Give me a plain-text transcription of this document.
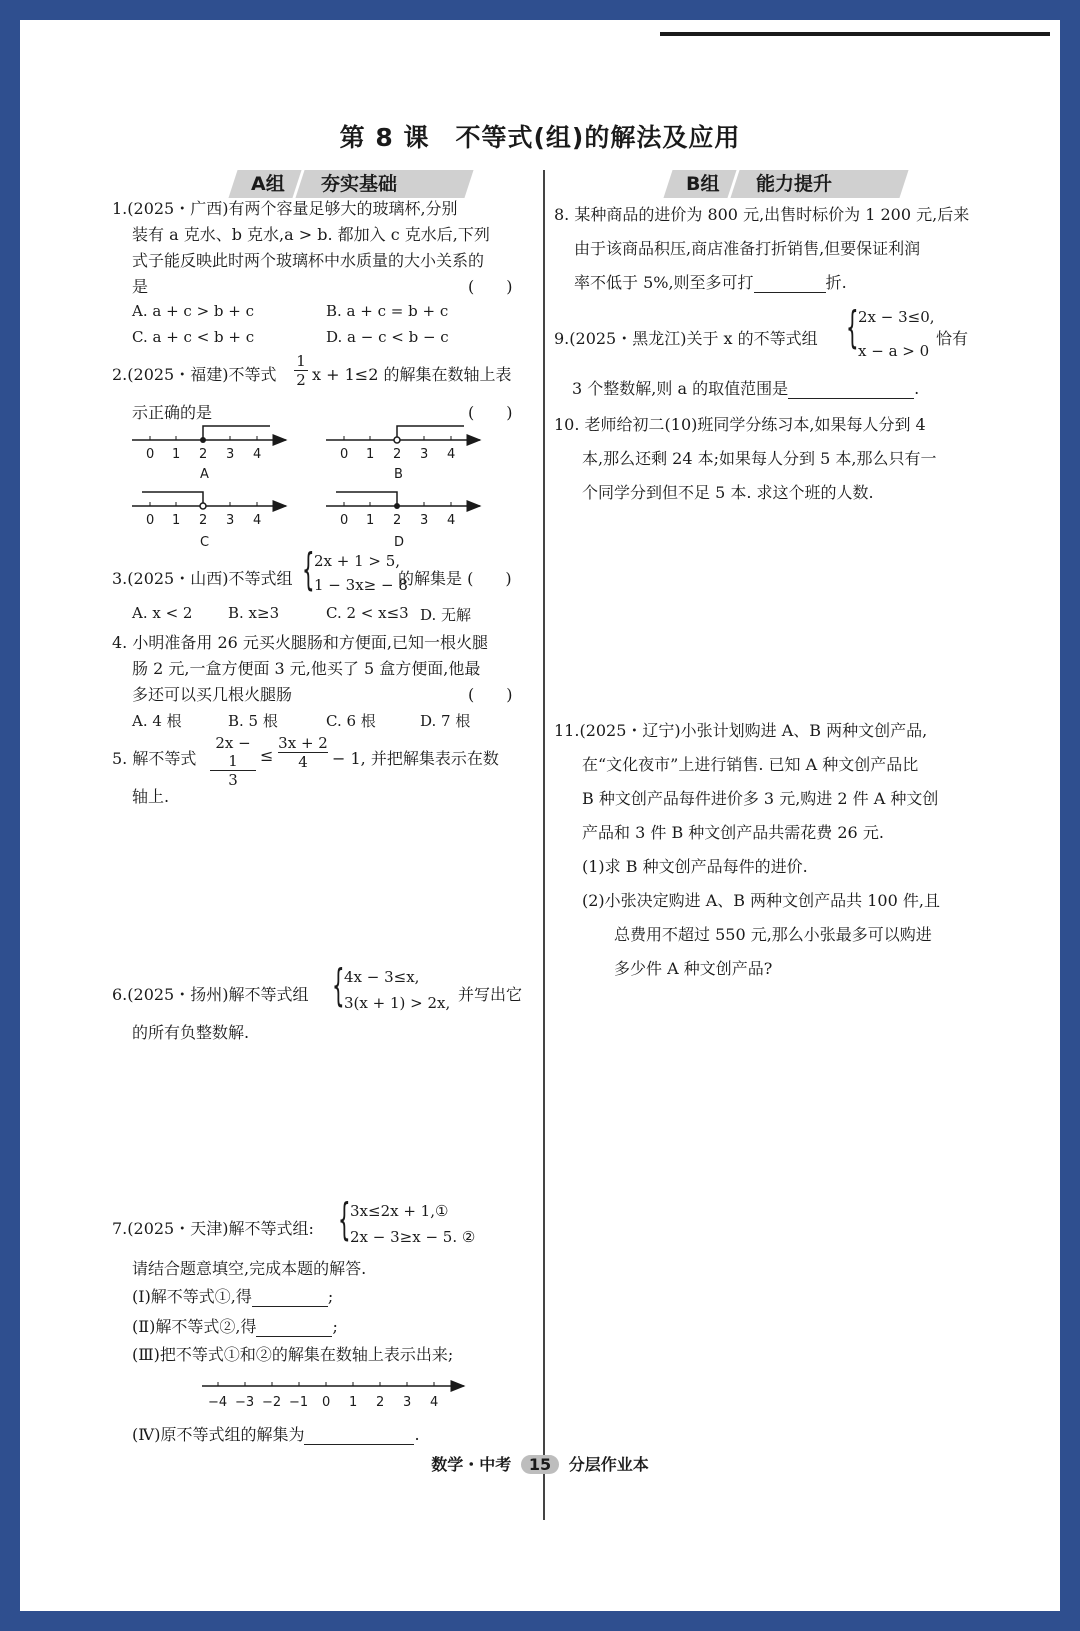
第 8 课　不等式(组)的解法及应用
A组	夯实基础	B组	能力提升
1.(2025・广西)有两个容量足够大的玻璃杯,分别
装有 a 克水、b 克水,a > b. 都加入 c 克水后,下列
式子能反映此时两个玻璃杯中水质量的大小关系的
是	(　　)
A. a + c > b + c	B. a + c = b + c
C. a + c < b + c	D. a − c < b − c
2.(2025・福建)不等式 $\frac{1}{2}$ x + 1≤2 的解集在数轴上表
示正确的是	(　　)
0 1 2 3 4
A
0 1 2 3 4
B
0 1 2 3 4
C
0 1 2 3 4
D
3.(2025・山西)不等式组 { 2x + 1 > 5,
1 − 3x≥ − 8
的解集是 (　　)
A. x < 2 B. x≥3	C. 2 < x≤3 D. 无解
4. 小明准备用 26 元买火腿肠和方便面,已知一根火腿
肠 2 元,一盒方便面 3 元,他买了 5 盒方便面,他最
多还可以买几根火腿肠	(　　)
A. 4 根	B. 5 根	C. 6 根	D. 7 根
5. 解不等式 $\frac{2x - 1}{3} \le \frac{3x + 2}{4} - 1$, 并把解集表示在数
轴上.
6.(2025・扬州)解不等式组 { 4x − 3≤x,
3(x + 1) > 2x, 并写出它
的所有负整数解.
7.(2025・天津)解不等式组: { 3x≤2x + 1,①
2x − 3≥x − 5. ②
请结合题意填空,完成本题的解答.
(Ⅰ)解不等式①,得	;
(Ⅱ)解不等式②,得	;
(Ⅲ)把不等式①和②的解集在数轴上表示出来;
−4 −3 −2 −1 0 1 2 3 4
(Ⅳ)原不等式组的解集为	.
8. 某种商品的进价为 800 元,出售时标价为 1 200 元,后来
由于该商品积压,商店准备打折销售,但要保证利润
率不低于 5%,则至多可打	折.
9.(2025・黑龙江)关于 x 的不等式组 { 2x − 3≤0,
x − a > 0
恰有
3 个整数解,则 a 的取值范围是	.
10. 老师给初二(10)班同学分练习本,如果每人分到 4
本,那么还剩 24 本;如果每人分到 5 本,那么只有一
个同学分到但不足 5 本. 求这个班的人数.
11.(2025・辽宁)小张计划购进 A、B 两种文创产品,
在“文化夜市”上进行销售. 已知 A 种文创产品比
B 种文创产品每件进价多 3 元,购进 2 件 A 种文创
产品和 3 件 B 种文创产品共需花费 26 元.
(1)求 B 种文创产品每件的进价.
(2)小张决定购进 A、B 两种文创产品共 100 件,且
总费用不超过 550 元,那么小张最多可以购进
多少件 A 种文创产品?
数学・中考 15 分层作业本
